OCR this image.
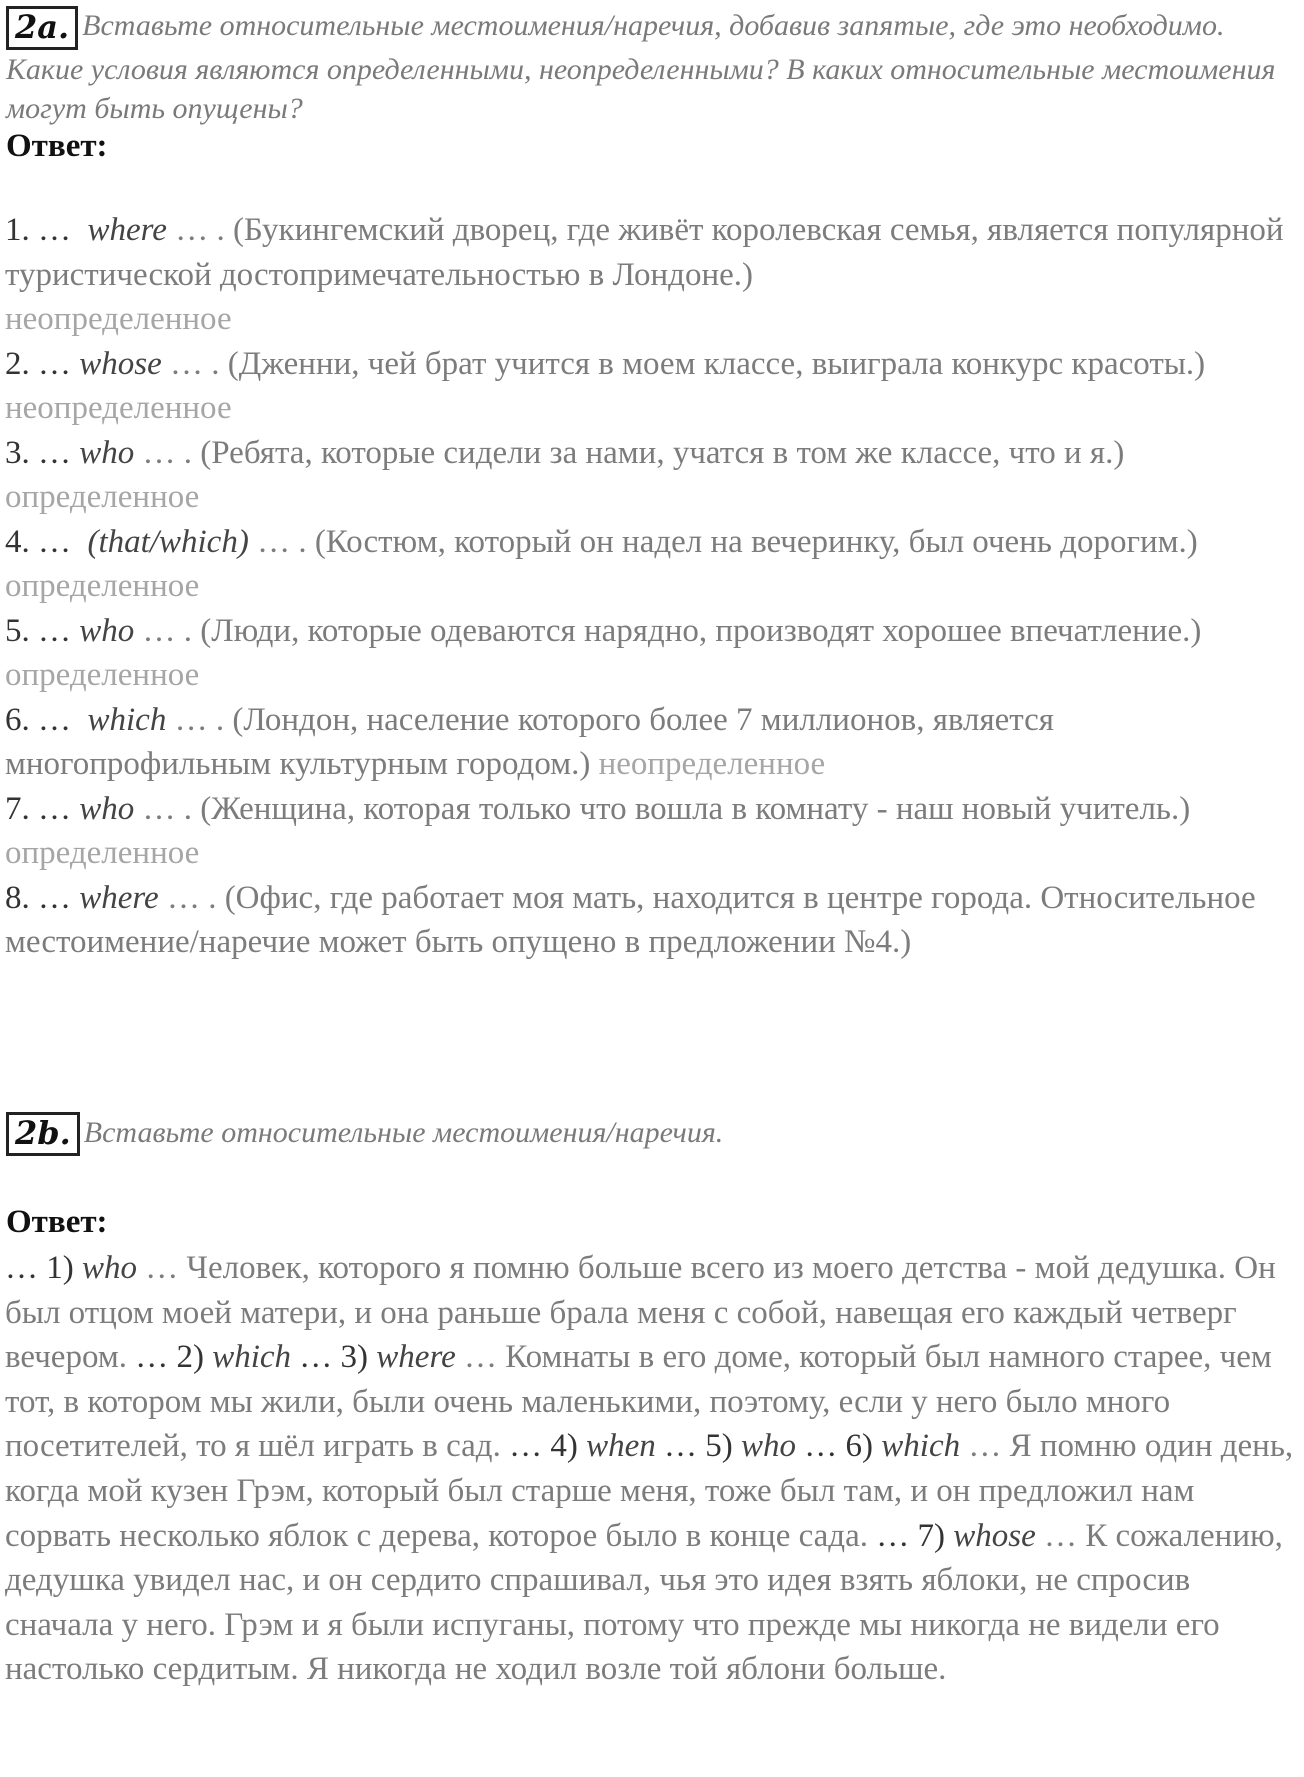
2a. Вставьте относительные местоимения/наречия, добавив запятые, где это необходимо. Какие условия являются определенными, неопределенными? В каких относительные местоимения могут быть опущены?
Ответ:
1. … where … . (Букингемский дворец, где живёт королевская семья, является популярной туристической достопримечательностью в Лондоне.)
неопределенное
2. … whose … . (Дженни, чей брат учится в моем классе, выиграла конкурс красоты.) неопределенное
3. … who … . (Ребята, которые сидели за нами, учатся в том же классе, что и я.) определенное
4. … (that/which) … . (Костюм, который он надел на вечеринку, был очень дорогим.) определенное
5. … who … . (Люди, которые одеваются нарядно, производят хорошее впечатление.) определенное
6. … which … . (Лондон, население которого более 7 миллионов, является многопрофильным культурным городом.) неопределенное
7. … who … . (Женщина, которая только что вошла в комнату - наш новый учитель.) определенное
8. … where … . (Офис, где работает моя мать, находится в центре города. Относительное местоимение/наречие может быть опущено в предложении №4.)
2b. Вставьте относительные местоимения/наречия.
Ответ:
… 1) who … Человек, которого я помню больше всего из моего детства - мой дедушка. Он был отцом моей матери, и она раньше брала меня с собой, навещая его каждый четверг вечером. … 2) which … 3) where … Комнаты в его доме, который был намного старее, чем тот, в котором мы жили, были очень маленькими, поэтому, если у него было много посетителей, то я шёл играть в сад. … 4) when … 5) who … 6) which … Я помню один день, когда мой кузен Грэм, который был старше меня, тоже был там, и он предложил нам сорвать несколько яблок с дерева, которое было в конце сада. … 7) whose … К сожалению, дедушка увидел нас, и он сердито спрашивал, чья это идея взять яблоки, не спросив сначала у него. Грэм и я были испуганы, потому что прежде мы никогда не видели его настолько сердитым. Я никогда не ходил возле той яблони больше.
